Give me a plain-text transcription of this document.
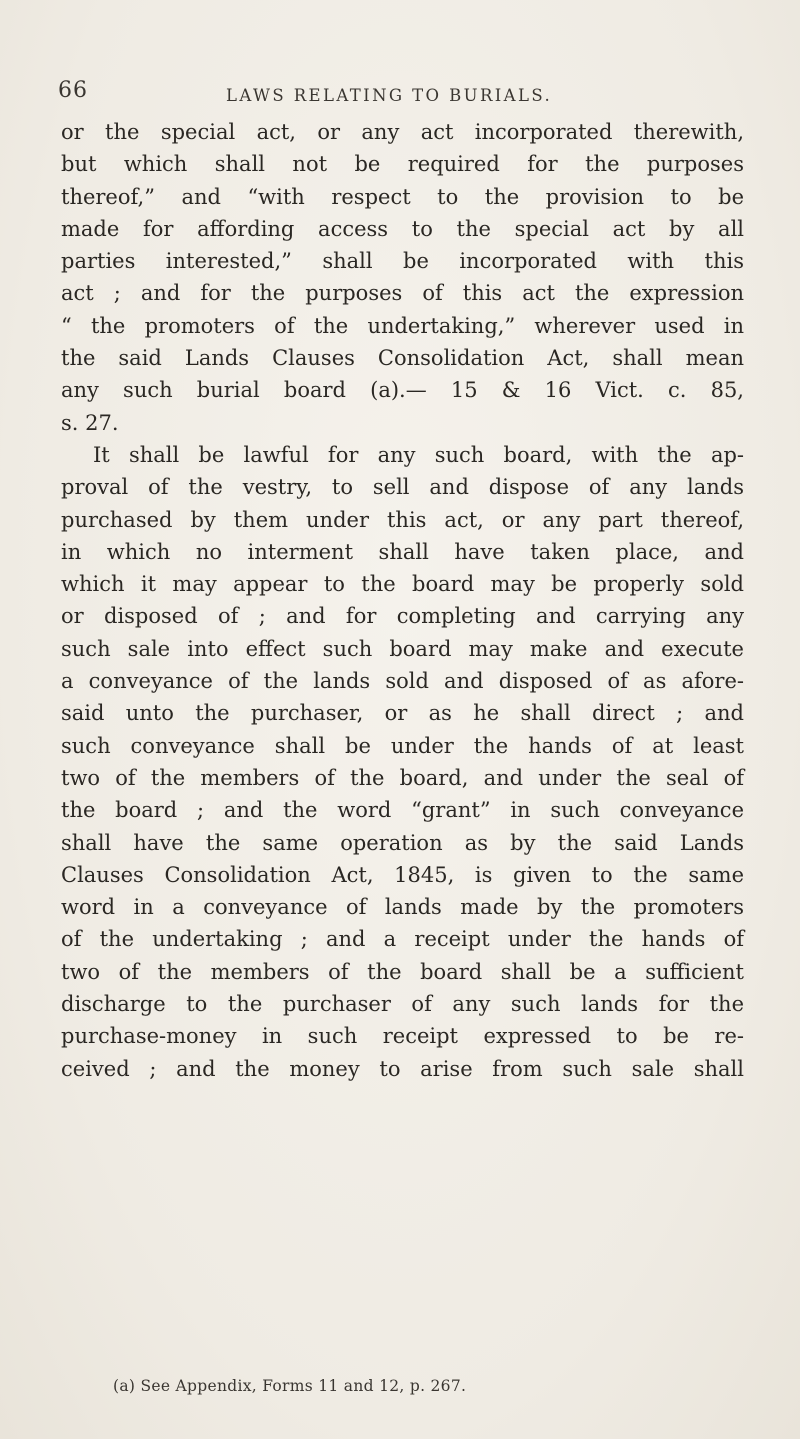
66	LAWS RELATING TO BURIALS.
or the special act, or any act incorporated therewith,
but which shall not be required for the purposes
thereof,” and “with respect to the provision to be
made for affording access to the special act by all
parties interested,” shall be incorporated with this
act ; and for the purposes of this act the expression
“ the promoters of the undertaking,” wherever used in
the said Lands Clauses Consolidation Act, shall mean
any such burial board (a).— 15 & 16 Vict. c. 85,
s. 27.
It shall be lawful for any such board, with the ap-
proval of the vestry, to sell and dispose of any lands
purchased by them under this act, or any part thereof,
in which no interment shall have taken place, and
which it may appear to the board may be properly sold
or disposed of ; and for completing and carrying any
such sale into effect such board may make and execute
a conveyance of the lands sold and disposed of as afore-
said unto the purchaser, or as he shall direct ; and
such conveyance shall be under the hands of at least
two of the members of the board, and under the seal of
the board ; and the word “grant” in such conveyance
shall have the same operation as by the said Lands
Clauses Consolidation Act, 1845, is given to the same
word in a conveyance of lands made by the promoters
of the undertaking ; and a receipt under the hands of
two of the members of the board shall be a sufficient
discharge to the purchaser of any such lands for the
purchase-money in such receipt expressed to be re-
ceived ; and the money to arise from such sale shall
(a) See Appendix, Forms 11 and 12, p. 267.
